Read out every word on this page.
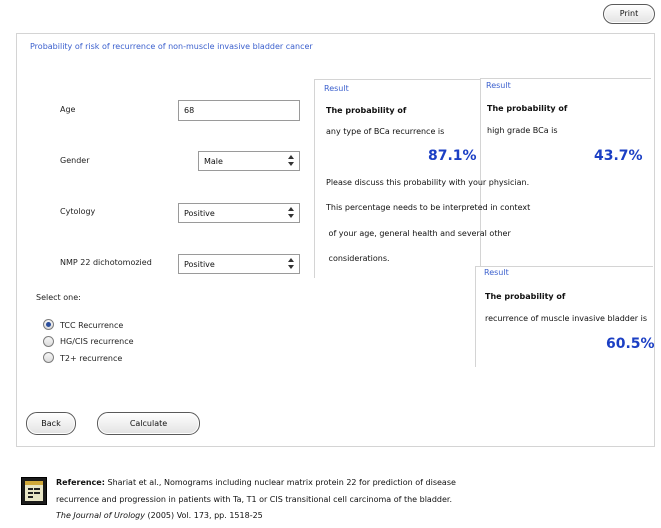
Print
Probability of risk of recurrence of non-muscle invasive bladder cancer
Age	68
Gender	Male
Cytology	Positive
NMP 22 dichotomozied	Positive
Select one:
TCC Recurrence
HG/CIS recurrence
T2+ recurrence
Result
The probability of
any type of BCa recurrence is
87.1%
Please discuss this probability with your physician.
This percentage needs to be interpreted in context
of your age, general health and several other
considerations.
Result
The probability of
high grade BCa is
43.7%
Result
The probability of
recurrence of muscle invasive bladder is
60.5%
Back	Calculate
Reference: Shariat et al., Nomograms including nuclear matrix protein 22 for prediction of disease
recurrence and progression in patients with Ta, T1 or CIS transitional cell carcinoma of the bladder.
The Journal of Urology (2005) Vol. 173, pp. 1518-25
